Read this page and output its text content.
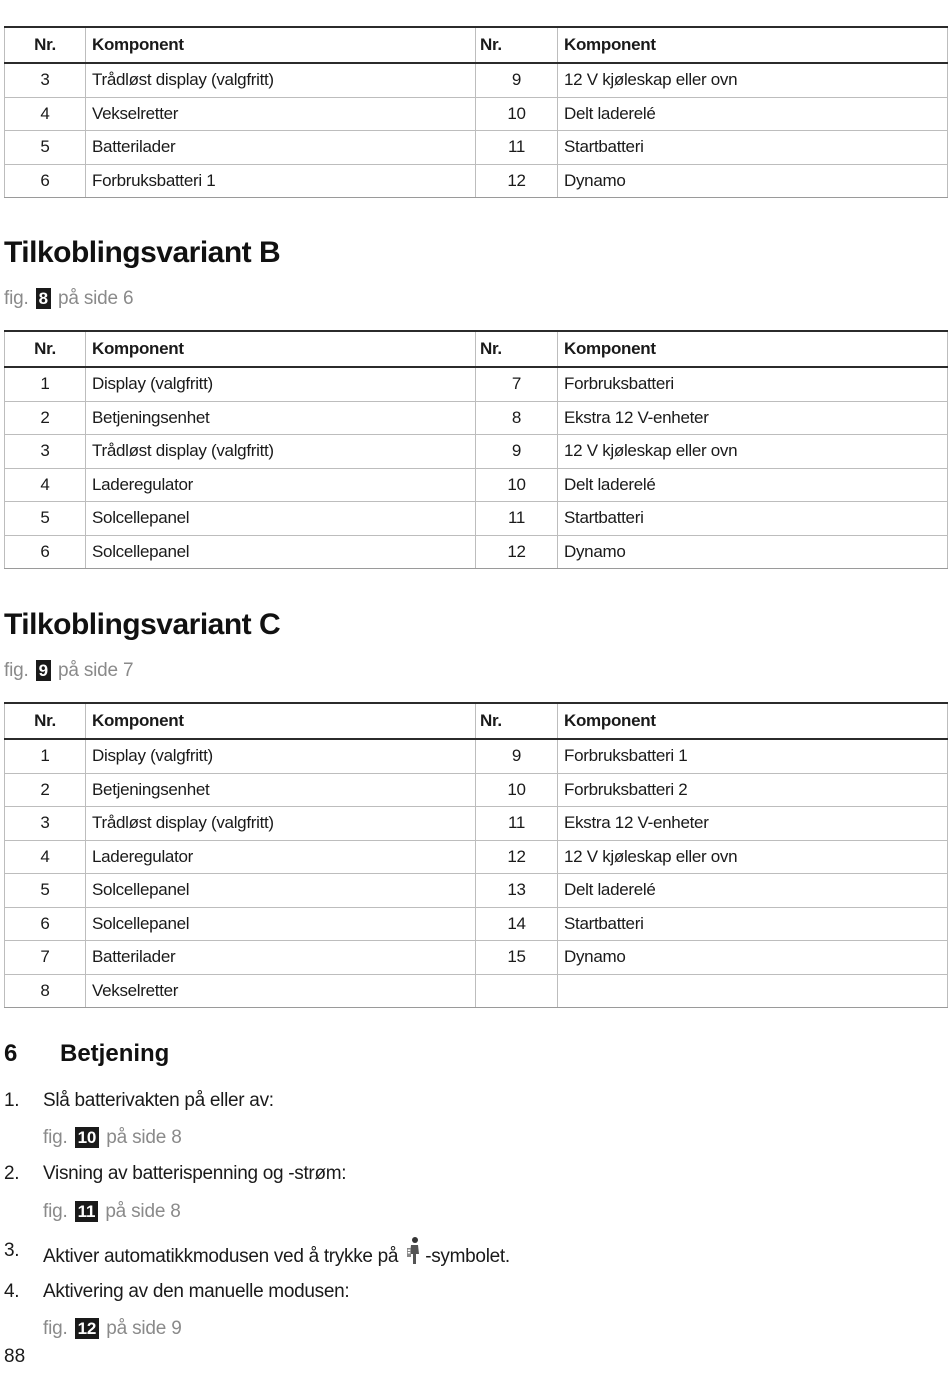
Nr.	Komponent	Nr.	Komponent
3	Trådløst display (valgfritt)	9	12 V kjøleskap eller ovn
4	Vekselretter	10	Delt laderelé
5	Batterilader	11	Startbatteri
6	Forbruksbatteri 1	12	Dynamo
Tilkoblingsvariant B
fig. 8 på side 6
Nr.	Komponent	Nr.	Komponent
1	Display (valgfritt)	7	Forbruksbatteri
2	Betjeningsenhet	8	Ekstra 12 V-enheter
3	Trådløst display (valgfritt)	9	12 V kjøleskap eller ovn
4	Laderegulator	10	Delt laderelé
5	Solcellepanel	11	Startbatteri
6	Solcellepanel	12	Dynamo
Tilkoblingsvariant C
fig. 9 på side 7
Nr.	Komponent	Nr.	Komponent
1	Display (valgfritt)	9	Forbruksbatteri 1
2	Betjeningsenhet	10	Forbruksbatteri 2
3	Trådløst display (valgfritt)	11	Ekstra 12 V-enheter
4	Laderegulator	12	12 V kjøleskap eller ovn
5	Solcellepanel	13	Delt laderelé
6	Solcellepanel	14	Startbatteri
7	Batterilader	15	Dynamo
8	Vekselretter		
6 Betjening
1. Slå batterivakten på eller av:
fig. 10 på side 8
2. Visning av batterispenning og -strøm:
fig. 11 på side 8
3. Aktiver automatikkmodusen ved å trykke på -symbolet.
4. Aktivering av den manuelle modusen:
fig. 12 på side 9
88
